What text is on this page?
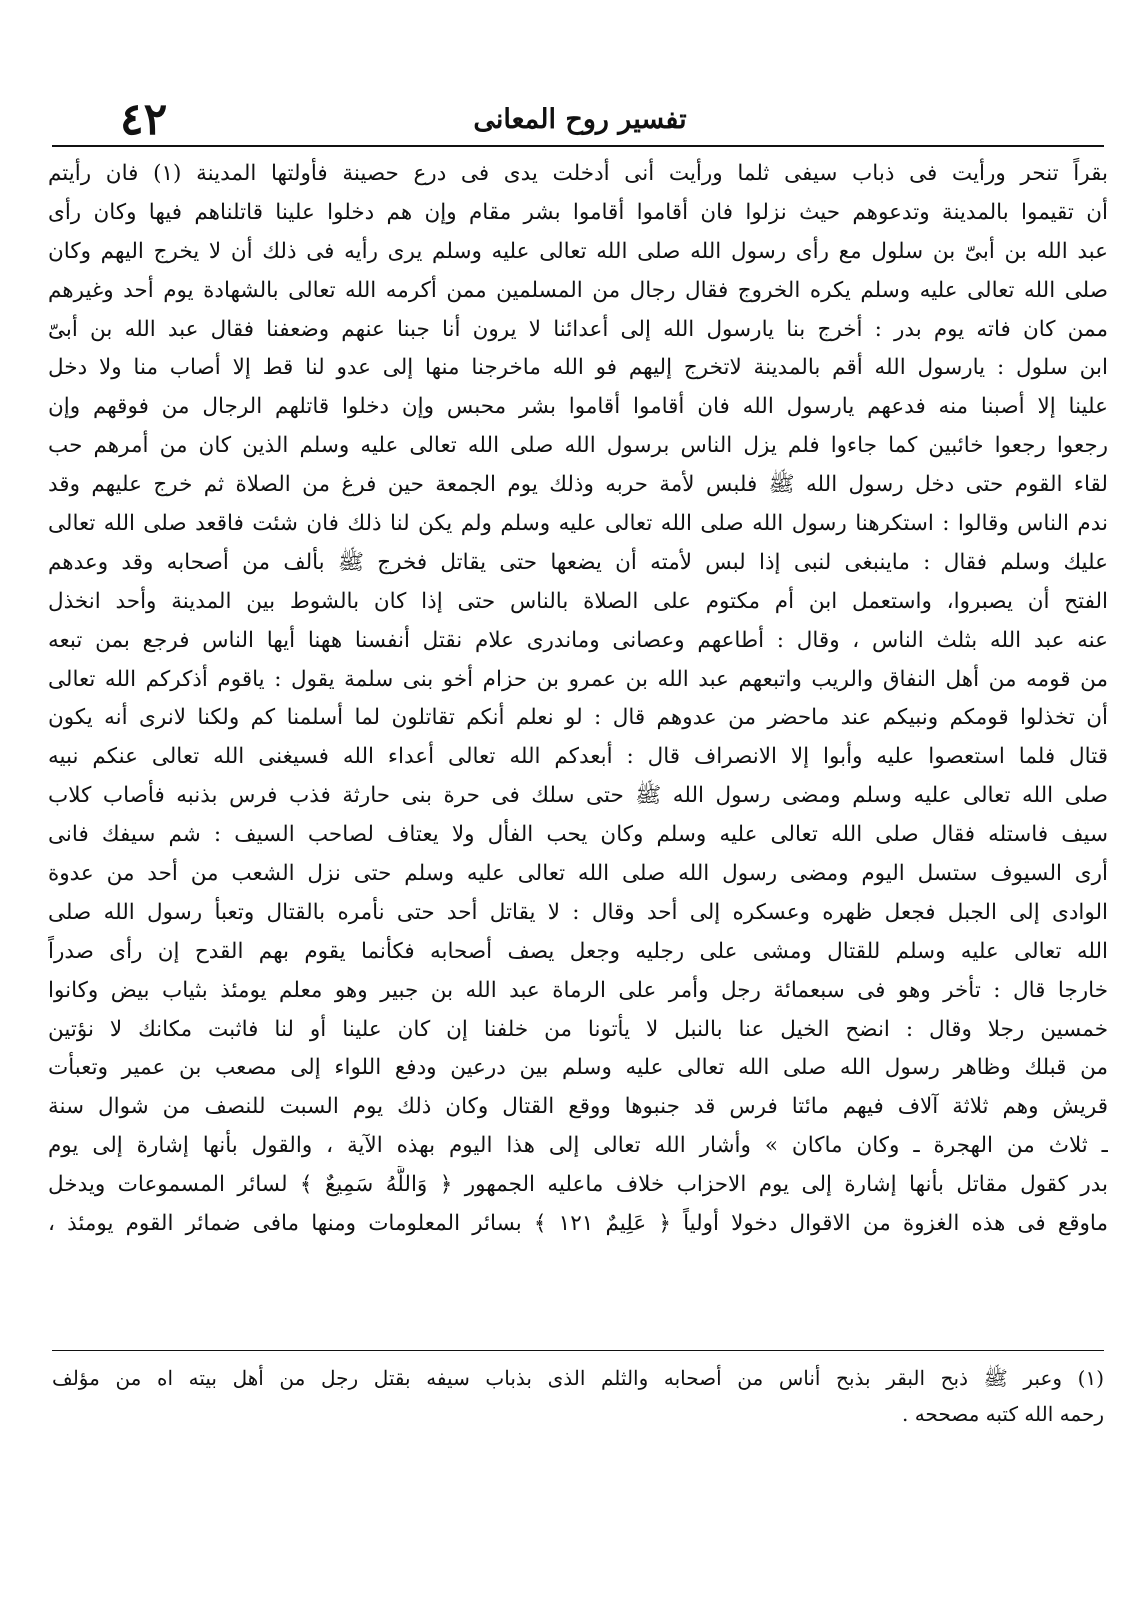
٤٢	تفسير روح المعانى
بقراً تنحر ورأيت فى ذباب سيفى ثلما ورأيت أنى أدخلت يدى فى درع حصينة فأولتها المدينة (١) فان رأيتم
أن تقيموا بالمدينة وتدعوهم حيث نزلوا فان أقاموا أقاموا بشر مقام وإن هم دخلوا علينا قاتلناهم فيها وكان رأى
عبد الله بن أبىّ بن سلول مع رأى رسول الله صلى الله تعالى عليه وسلم يرى رأيه فى ذلك أن لا يخرج اليهم وكان
صلى الله تعالى عليه وسلم يكره الخروج فقال رجال من المسلمين ممن أكرمه الله تعالى بالشهادة يوم أحد وغيرهم
ممن كان فاته يوم بدر : أخرج بنا يارسول الله إلى أعدائنا لا يرون أنا جبنا عنهم وضعفنا فقال عبد الله بن أبىّ
ابن سلول : يارسول الله أقم بالمدينة لاتخرج إليهم فو الله ماخرجنا منها إلى عدو لنا قط إلا أصاب منا ولا دخل
علينا إلا أصبنا منه فدعهم يارسول الله فان أقاموا أقاموا بشر محبس وإن دخلوا قاتلهم الرجال من فوقهم وإن
رجعوا رجعوا خائبين كما جاءوا فلم يزل الناس برسول الله صلى الله تعالى عليه وسلم الذين كان من أمرهم حب
لقاء القوم حتى دخل رسول الله ﷺ فلبس لأمة حربه وذلك يوم الجمعة حين فرغ من الصلاة ثم خرج عليهم وقد
ندم الناس وقالوا : استكرهنا رسول الله صلى الله تعالى عليه وسلم ولم يكن لنا ذلك فان شئت فاقعد صلى الله تعالى
عليك وسلم فقال : ماينبغى لنبى إذا لبس لأمته أن يضعها حتى يقاتل فخرج ﷺ بألف من أصحابه وقد وعدهم
الفتح أن يصبروا، واستعمل ابن أم مكتوم على الصلاة بالناس حتى إذا كان بالشوط بين المدينة وأحد انخذل
عنه عبد الله بثلث الناس ، وقال : أطاعهم وعصانى وماندرى علام نقتل أنفسنا ههنا أيها الناس فرجع بمن تبعه
من قومه من أهل النفاق والريب واتبعهم عبد الله بن عمرو بن حزام أخو بنى سلمة يقول : ياقوم أذكركم الله تعالى
أن تخذلوا قومكم ونبيكم عند ماحضر من عدوهم قال : لو نعلم أنكم تقاتلون لما أسلمنا كم ولكنا لانرى أنه يكون
قتال فلما استعصوا عليه وأبوا إلا الانصراف قال : أبعدكم الله تعالى أعداء الله فسيغنى الله تعالى عنكم نبيه
صلى الله تعالى عليه وسلم ومضى رسول الله ﷺ حتى سلك فى حرة بنى حارثة فذب فرس بذنبه فأصاب كلاب
سيف فاستله فقال صلى الله تعالى عليه وسلم وكان يحب الفأل ولا يعتاف لصاحب السيف : شم سيفك فانى
أرى السيوف ستسل اليوم ومضى رسول الله صلى الله تعالى عليه وسلم حتى نزل الشعب من أحد من عدوة
الوادى إلى الجبل فجعل ظهره وعسكره إلى أحد وقال : لا يقاتل أحد حتى نأمره بالقتال وتعبأ رسول الله صلى
الله تعالى عليه وسلم للقتال ومشى على رجليه وجعل يصف أصحابه فكأنما يقوم بهم القدح إن رأى صدراً
خارجا قال : تأخر وهو فى سبعمائة رجل وأمر على الرماة عبد الله بن جبير وهو معلم يومئذ بثياب بيض وكانوا
خمسين رجلا وقال : انضح الخيل عنا بالنبل لا يأتونا من خلفنا إن كان علينا أو لنا فاثبت مكانك لا نؤتين
من قبلك وظاهر رسول الله صلى الله تعالى عليه وسلم بين درعين ودفع اللواء إلى مصعب بن عمير وتعبأت
قريش وهم ثلاثة آلاف فيهم مائتا فرس قد جنبوها ووقع القتال وكان ذلك يوم السبت للنصف من شوال سنة
ـ ثلاث من الهجرة ـ وكان ماكان » وأشار الله تعالى إلى هذا اليوم بهذه الآية ، والقول بأنها إشارة إلى يوم
بدر كقول مقاتل بأنها إشارة إلى يوم الاحزاب خلاف ماعليه الجمهور ﴿ وَاللَّهُ سَمِيعٌ ﴾ لسائر المسموعات ويدخل
ماوقع فى هذه الغزوة من الاقوال دخولا أولياً ﴿ عَلِيمٌ ١٢١ ﴾ بسائر المعلومات ومنها مافى ضمائر القوم يومئذ ،
(١) وعبر ﷺ ذبح البقر بذبح أناس من أصحابه والثلم الذى بذباب سيفه بقتل رجل من أهل بيته اه من مؤلف
رحمه الله كتبه مصححه .
